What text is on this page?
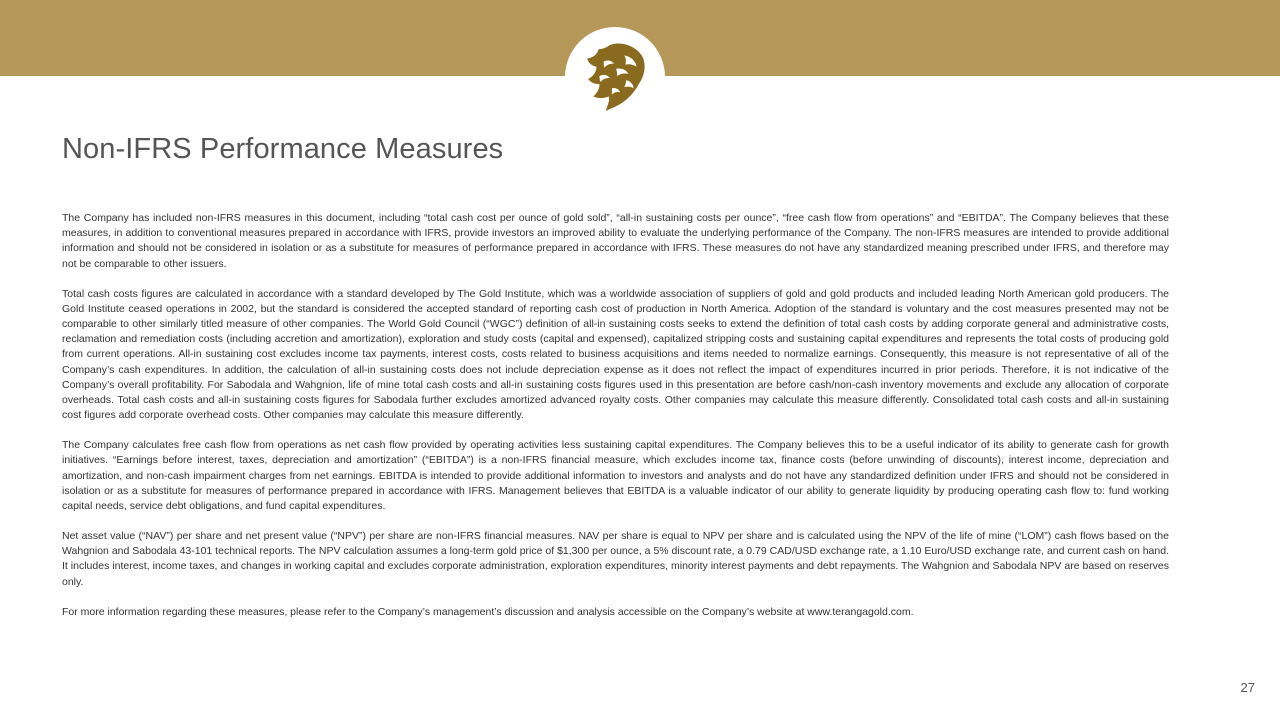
Non-IFRS Performance Measures

The Company has included non-IFRS measures in this document, including “total cash cost per ounce of gold sold”, “all-in sustaining costs per ounce”, “free cash flow from operations” and “EBITDA”. The Company believes that these measures, in addition to conventional measures prepared in accordance with IFRS, provide investors an improved ability to evaluate the underlying performance of the Company. The non-IFRS measures are intended to provide additional information and should not be considered in isolation or as a substitute for measures of performance prepared in accordance with IFRS. These measures do not have any standardized meaning prescribed under IFRS, and therefore may not be comparable to other issuers.

Total cash costs figures are calculated in accordance with a standard developed by The Gold Institute, which was a worldwide association of suppliers of gold and gold products and included leading North American gold producers. The Gold Institute ceased operations in 2002, but the standard is considered the accepted standard of reporting cash cost of production in North America. Adoption of the standard is voluntary and the cost measures presented may not be comparable to other similarly titled measure of other companies. The World Gold Council (“WGC”) definition of all-in sustaining costs seeks to extend the definition of total cash costs by adding corporate general and administrative costs, reclamation and remediation costs (including accretion and amortization), exploration and study costs (capital and expensed), capitalized stripping costs and sustaining capital expenditures and represents the total costs of producing gold from current operations. All-in sustaining cost excludes income tax payments, interest costs, costs related to business acquisitions and items needed to normalize earnings. Consequently, this measure is not representative of all of the Company’s cash expenditures. In addition, the calculation of all-in sustaining costs does not include depreciation expense as it does not reflect the impact of expenditures incurred in prior periods. Therefore, it is not indicative of the Company’s overall profitability. For Sabodala and Wahgnion, life of mine total cash costs and all-in sustaining costs figures used in this presentation are before cash/non-cash inventory movements and exclude any allocation of corporate overheads. Total cash costs and all-in sustaining costs figures for Sabodala further excludes amortized advanced royalty costs. Other companies may calculate this measure differently. Consolidated total cash costs and all-in sustaining cost figures add corporate overhead costs. Other companies may calculate this measure differently.

The Company calculates free cash flow from operations as net cash flow provided by operating activities less sustaining capital expenditures. The Company believes this to be a useful indicator of its ability to generate cash for growth initiatives. “Earnings before interest, taxes, depreciation and amortization” (“EBITDA”) is a non-IFRS financial measure, which excludes income tax, finance costs (before unwinding of discounts), interest income, depreciation and amortization, and non-cash impairment charges from net earnings. EBITDA is intended to provide additional information to investors and analysts and do not have any standardized definition under IFRS and should not be considered in isolation or as a substitute for measures of performance prepared in accordance with IFRS. Management believes that EBITDA is a valuable indicator of our ability to generate liquidity by producing operating cash flow to: fund working capital needs, service debt obligations, and fund capital expenditures.

Net asset value (“NAV”) per share and net present value (“NPV”) per share are non-IFRS financial measures. NAV per share is equal to NPV per share and is calculated using the NPV of the life of mine (“LOM”) cash flows based on the Wahgnion and Sabodala 43-101 technical reports. The NPV calculation assumes a long-term gold price of $1,300 per ounce, a 5% discount rate, a 0.79 CAD/USD exchange rate, a 1.10 Euro/USD exchange rate, and current cash on hand. It includes interest, income taxes, and changes in working capital and excludes corporate administration, exploration expenditures, minority interest payments and debt repayments. The Wahgnion and Sabodala NPV are based on reserves only.

For more information regarding these measures, please refer to the Company’s management’s discussion and analysis accessible on the Company’s website at www.terangagold.com.

27
